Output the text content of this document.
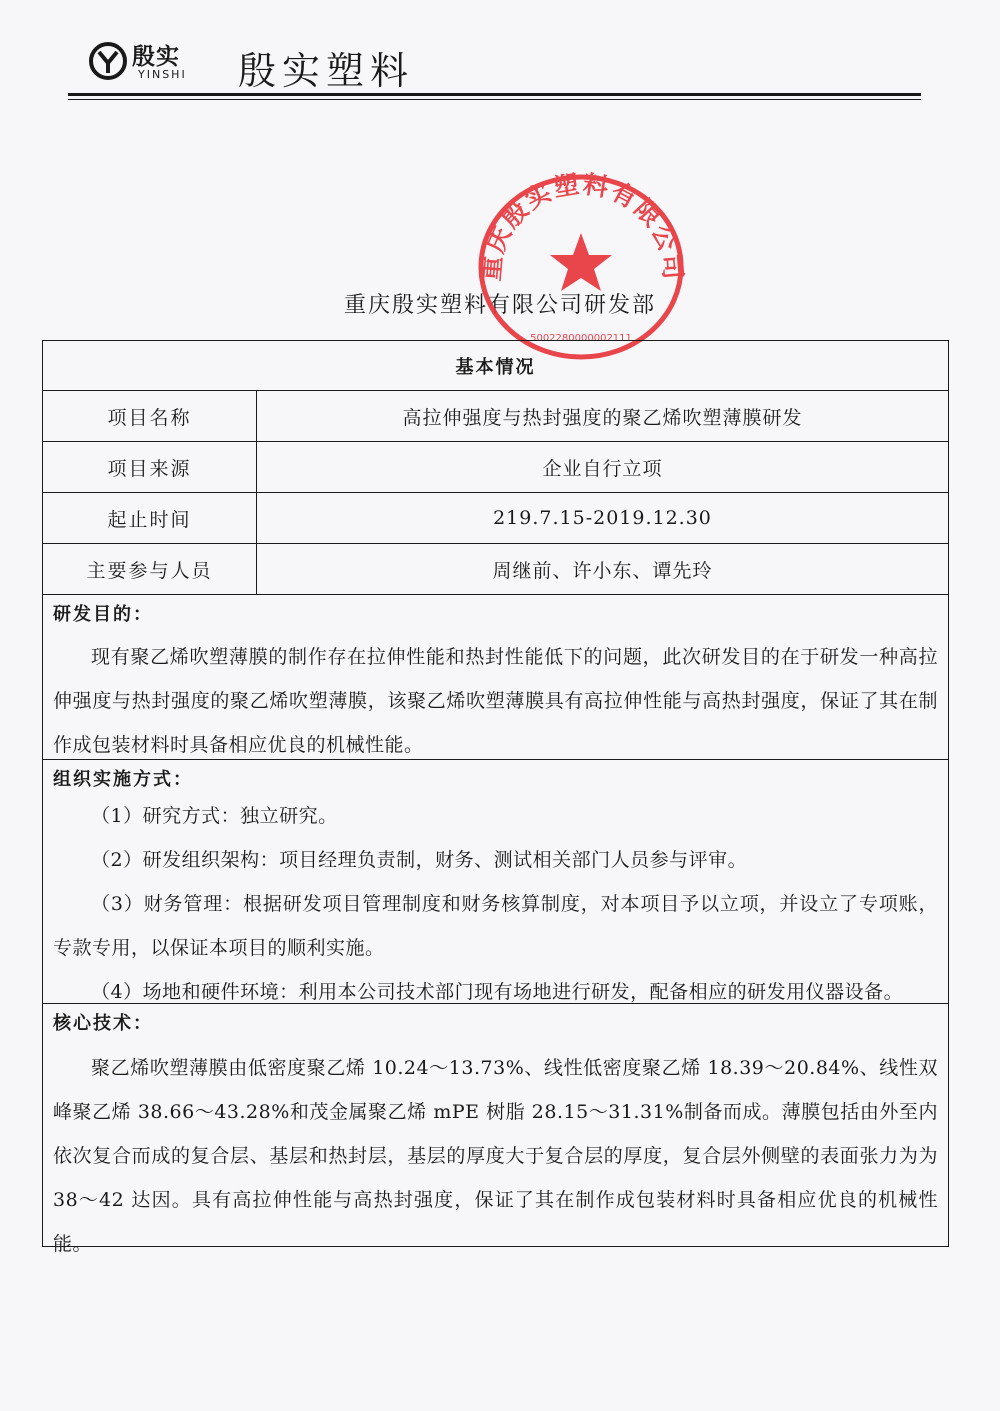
殷实
YINSHI 殷实塑料
重庆殷实塑料有限公司研发部
重庆殷实塑料有限公司
5002280000002111
基本情况
项目名称	高拉伸强度与热封强度的聚乙烯吹塑薄膜研发
项目来源	企业自行立项
起止时间	219.7.15-2019.12.30
主要参与人员	周继前、许小东、谭先玲
研发目的：
现有聚乙烯吹塑薄膜的制作存在拉伸性能和热封性能低下的问题，此次研发目的在于研发一种高拉伸强度与热封强度的聚乙烯吹塑薄膜，该聚乙烯吹塑薄膜具有高拉伸性能与高热封强度，保证了其在制作成包装材料时具备相应优良的机械性能。
组织实施方式：
（1）研究方式：独立研究。
（2）研发组织架构：项目经理负责制，财务、测试相关部门人员参与评审。
（3）财务管理：根据研发项目管理制度和财务核算制度，对本项目予以立项，并设立了专项账，专款专用，以保证本项目的顺利实施。
（4）场地和硬件环境：利用本公司技术部门现有场地进行研发，配备相应的研发用仪器设备。
核心技术：
聚乙烯吹塑薄膜由低密度聚乙烯 10.24～13.73%、线性低密度聚乙烯 18.39～20.84%、线性双峰聚乙烯 38.66～43.28%和茂金属聚乙烯 mPE 树脂 28.15～31.31%制备而成。薄膜包括由外至内依次复合而成的复合层、基层和热封层，基层的厚度大于复合层的厚度，复合层外侧壁的表面张力为为 38～42 达因。具有高拉伸性能与高热封强度，保证了其在制作成包装材料时具备相应优良的机械性能。
